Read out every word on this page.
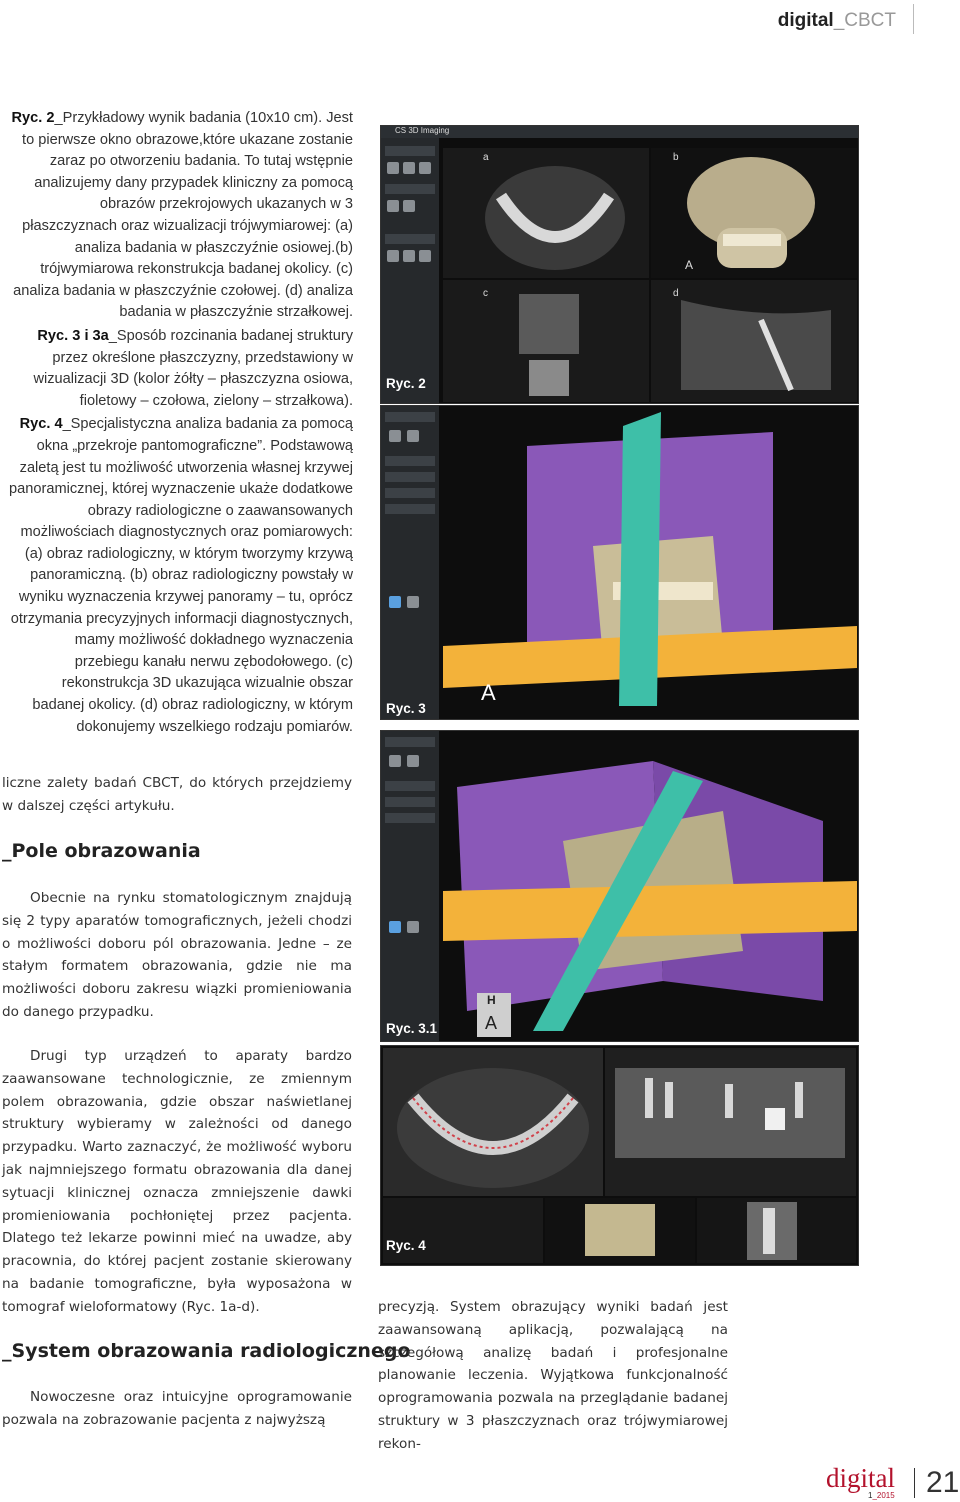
digital_CBCT

Ryc. 2_Przykładowy wynik badania (10x10 cm). Jest to pierwsze okno obrazowe,które ukazane zostanie zaraz po otworzeniu badania. To tutaj wstępnie analizujemy dany przypadek kliniczny za pomocą obrazów przekrojowych ukazanych w 3 płaszczyznach oraz wizualizacji trójwymiarowej: (a) analiza badania w płaszczyźnie osiowej.(b) trójwymiarowa rekonstrukcja badanej okolicy. (c) analiza badania w płaszczyźnie czołowej. (d) analiza badania w płaszczyźnie strzałkowej.

Ryc. 3 i 3a_Sposób rozcinania badanej struktury przez określone płaszczyzny, przedstawiony w wizualizacji 3D (kolor żółty – płaszczyzna osiowa, fioletowy – czołowa, zielony – strzałkowa).

Ryc. 4_Specjalistyczna analiza badania za pomocą okna „przekroje pantomograficzne”. Podstawową zaletą jest tu możliwość utworzenia własnej krzywej panoramicznej, której wyznaczenie ukaże dodatkowe obrazy radiologiczne o zaawansowanych możliwościach diagnostycznych oraz pomiarowych: (a) obraz radiologiczny, w którym tworzymy krzywą panoramiczną. (b) obraz radiologiczny powstały w wyniku wyznaczenia krzywej panoramy – tu, oprócz otrzymania precyzyjnych informacji diagnostycznych, mamy możliwość dokładnego wyznaczenia przebiegu kanału nerwu zębodołowego. (c) rekonstrukcja 3D ukazująca wizualnie obszar badanej okolicy. (d) obraz radiologiczny, w którym dokonujemy wszelkiego rodzaju pomiarów.

liczne zalety badań CBCT, do których przejdziemy w dalszej części artykułu.

_Pole obrazowania

Obecnie na rynku stomatologicznym znajdują się 2 typy aparatów tomograficznych, jeżeli chodzi o możliwości doboru pól obrazowania. Jedne – ze stałym formatem obrazowania, gdzie nie ma możliwości doboru zakresu wiązki promieniowania do danego przypadku.

Drugi typ urządzeń to aparaty bardzo zaawansowane technologicznie, ze zmiennym polem obrazowania, gdzie obszar naświetlanej struktury wybieramy w zależności od danego przypadku. Warto zaznaczyć, że możliwość wyboru jak najmniejszego formatu obrazowania dla danej sytuacji klinicznej oznacza zmniejszenie dawki promieniowania pochłoniętej przez pacjenta. Dlatego też lekarze powinni mieć na uwadze, aby pracownia, do której pacjent zostanie skierowany na badanie tomograficzne, była wyposażona w tomograf wieloformatowy (Ryc. 1a-d).

_System obrazowania radiologicznego

Nowoczesne oraz intuicyjne oprogramowanie pozwala na zobrazowanie pacjenta z najwyższą

precyzją. System obrazujący wyniki badań jest zaawansowaną aplikacją, pozwalającą na szczegółową analizę badań i profesjonalne planowanie leczenia. Wyjątkowa funkcjonalność oprogramowania pozwala na przeglądanie badanej struktury w 3 płaszczyznach oraz trójwymiarowej rekon-

CS 3D Imaging
a	b
A
c	d
Ryc. 2
A
Ryc. 3
H
A
Ryc. 3.1
Ryc. 4
digital
1_2015 21
